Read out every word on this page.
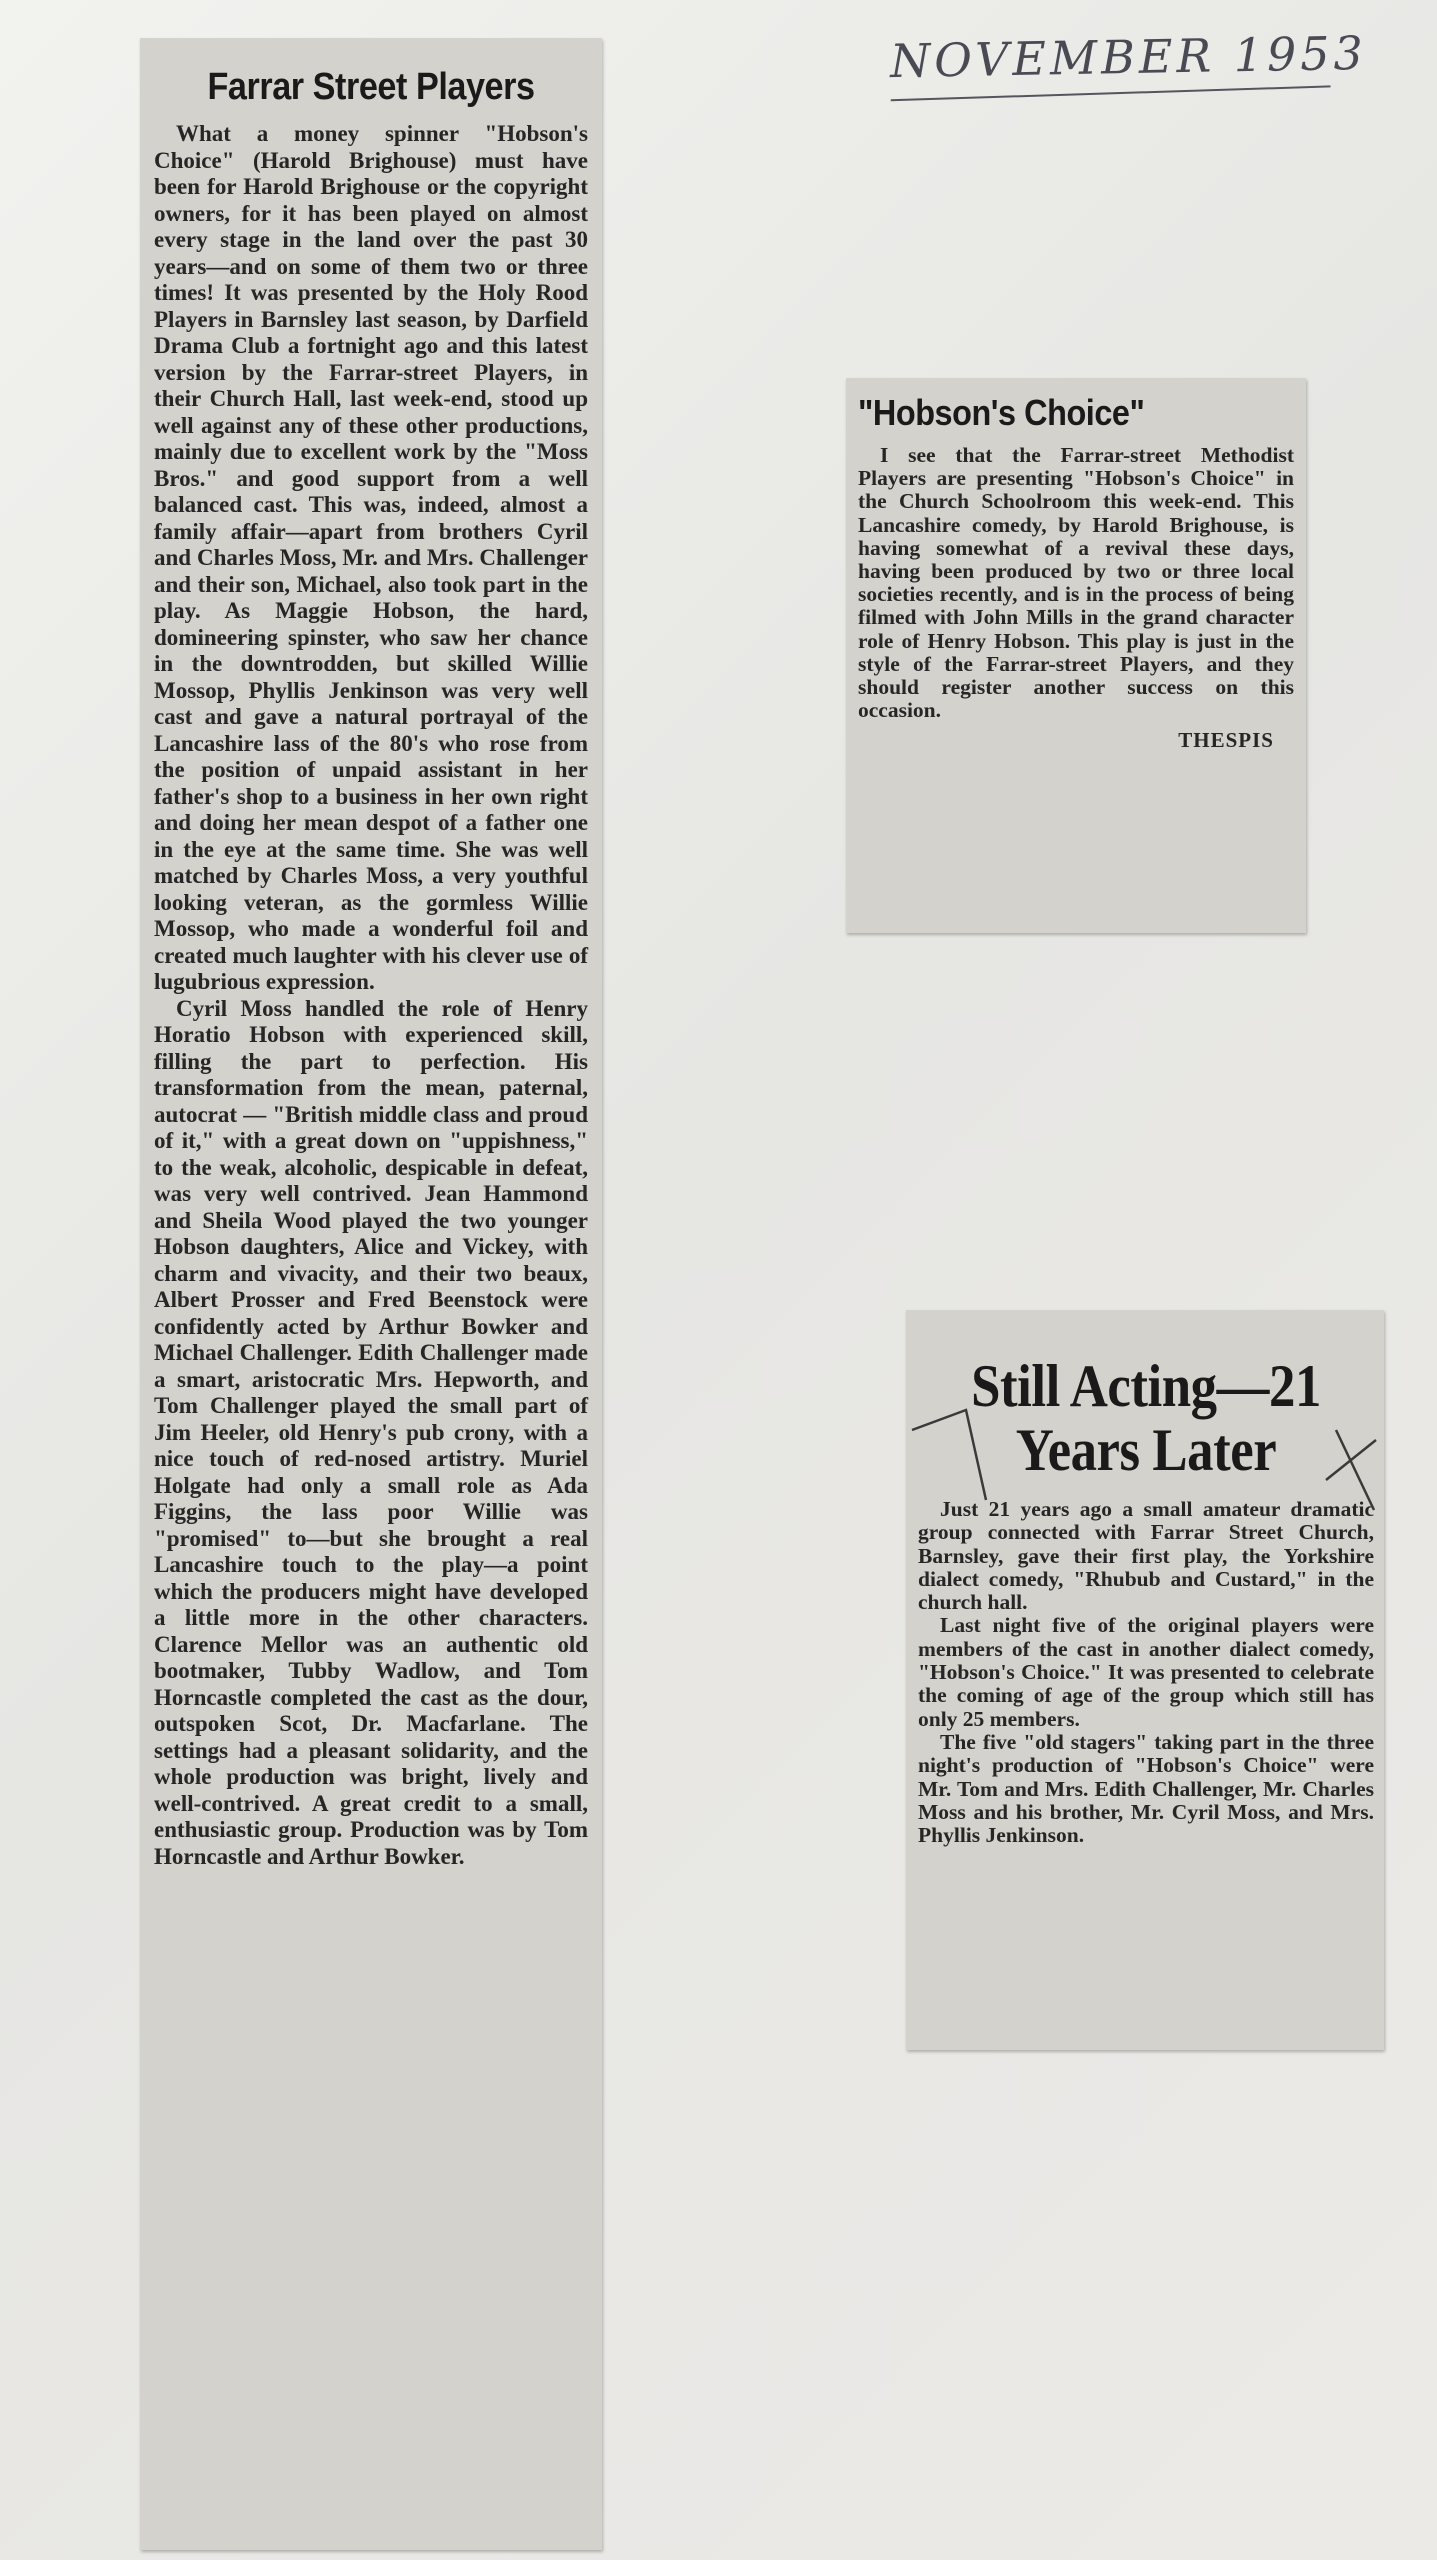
NOVEMBER 1953
Farrar Street Players

What a money spinner "Hobson's Choice" (Harold Brighouse) must have been for Harold Brighouse or the copyright owners, for it has been played on almost every stage in the land over the past 30 years—and on some of them two or three times! It was presented by the Holy Rood Players in Barnsley last season, by Darfield Drama Club a fortnight ago and this latest version by the Farrar-street Players, in their Church Hall, last week-end, stood up well against any of these other productions, mainly due to excellent work by the "Moss Bros." and good support from a well balanced cast. This was, indeed, almost a family affair—apart from brothers Cyril and Charles Moss, Mr. and Mrs. Challenger and their son, Michael, also took part in the play. As Maggie Hobson, the hard, domineering spinster, who saw her chance in the downtrodden, but skilled Willie Mossop, Phyllis Jenkinson was very well cast and gave a natural portrayal of the Lancashire lass of the 80's who rose from the position of unpaid assistant in her father's shop to a business in her own right and doing her mean despot of a father one in the eye at the same time. She was well matched by Charles Moss, a very youthful looking veteran, as the gormless Willie Mossop, who made a wonderful foil and created much laughter with his clever use of lugubrious expression.

Cyril Moss handled the role of Henry Horatio Hobson with experienced skill, filling the part to perfection. His transformation from the mean, paternal, autocrat — "British middle class and proud of it," with a great down on "uppishness," to the weak, alcoholic, despicable in defeat, was very well contrived. Jean Hammond and Sheila Wood played the two younger Hobson daughters, Alice and Vickey, with charm and vivacity, and their two beaux, Albert Prosser and Fred Beenstock were confidently acted by Arthur Bowker and Michael Challenger. Edith Challenger made a smart, aristocratic Mrs. Hepworth, and Tom Challenger played the small part of Jim Heeler, old Henry's pub crony, with a nice touch of red-nosed artistry. Muriel Holgate had only a small role as Ada Figgins, the lass poor Willie was "promised" to—but she brought a real Lancashire touch to the play—a point which the producers might have developed a little more in the other characters. Clarence Mellor was an authentic old bootmaker, Tubby Wadlow, and Tom Horncastle completed the cast as the dour, outspoken Scot, Dr. Macfarlane. The settings had a pleasant solidarity, and the whole production was bright, lively and well-contrived. A great credit to a small, enthusiastic group. Production was by Tom Horncastle and Arthur Bowker.

"Hobson's Choice"

I see that the Farrar-street Methodist Players are presenting "Hobson's Choice" in the Church Schoolroom this week-end. This Lancashire comedy, by Harold Brighouse, is having somewhat of a revival these days, having been produced by two or three local societies recently, and is in the process of being filmed with John Mills in the grand character role of Henry Hobson. This play is just in the style of the Farrar-street Players, and they should register another success on this occasion.

THESPIS
Still Acting—21 Years Later

Just 21 years ago a small amateur dramatic group connected with Farrar Street Church, Barnsley, gave their first play, the Yorkshire dialect comedy, "Rhubub and Custard," in the church hall.

Last night five of the original players were members of the cast in another dialect comedy, "Hobson's Choice." It was presented to celebrate the coming of age of the group which still has only 25 members.

The five "old stagers" taking part in the three night's production of "Hobson's Choice" were Mr. Tom and Mrs. Edith Challenger, Mr. Charles Moss and his brother, Mr. Cyril Moss, and Mrs. Phyllis Jenkinson.
